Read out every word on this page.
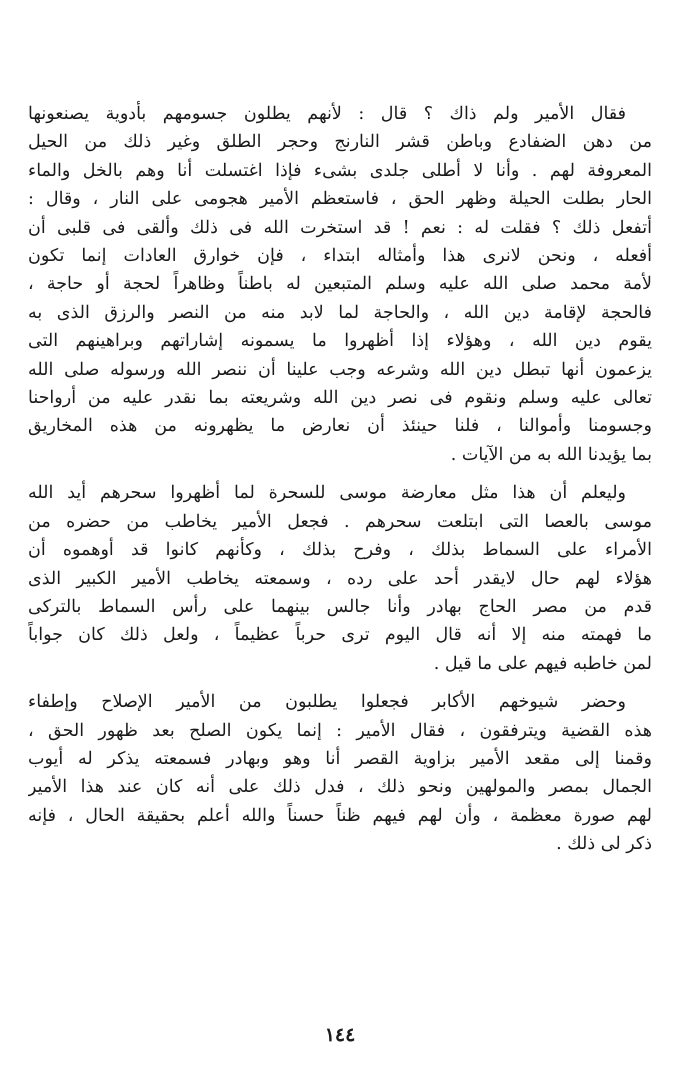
فقال الأمير ولم ذاك ؟ قال : لأنهم يطلون جسومهم بأدوية يصنعونها
من دهن الضفادع وباطن قشر النارنج وحجر الطلق وغير ذلك من الحيل
المعروفة لهم . وأنا لا أطلى جلدى بشىء فإذا اغتسلت أنا وهم بالخل والماء
الحار بطلت الحيلة وظهر الحق ، فاستعظم الأمير هجومى على النار ، وقال :
أتفعل ذلك ؟ فقلت له : نعم ! قد استخرت الله فى ذلك وألقى فى قلبى أن
أفعله ، ونحن لانرى هذا وأمثاله ابتداء ، فإن خوارق العادات إنما تكون
لأمة محمد صلى الله عليه وسلم المتبعين له باطناً وظاهراً لحجة أو حاجة ،
فالحجة لإقامة دين الله ، والحاجة لما لابد منه من النصر والرزق الذى به
يقوم دين الله ، وهؤلاء إذا أظهروا ما يسمونه إشاراتهم وبراهينهم التى
يزعمون أنها تبطل دين الله وشرعه وجب علينا أن ننصر الله ورسوله صلى الله
تعالى عليه وسلم ونقوم فى نصر دين الله وشريعته بما نقدر عليه من أرواحنا
وجسومنا وأموالنا ، فلنا حينئذ أن نعارض ما يظهرونه من هذه المخاريق
بما يؤيدنا الله به من الآيات .

وليعلم أن هذا مثل معارضة موسى للسحرة لما أظهروا سحرهم أيد الله
موسى بالعصا التى ابتلعت سحرهم . فجعل الأمير يخاطب من حضره من
الأمراء على السماط بذلك ، وفرح بذلك ، وكأنهم كانوا قد أوهموه أن
هؤلاء لهم حال لايقدر أحد على رده ، وسمعته يخاطب الأمير الكبير الذى
قدم من مصر الحاج بهادر وأنا جالس بينهما على رأس السماط بالتركى
ما فهمته منه إلا أنه قال اليوم ترى حرباً عظيماً ، ولعل ذلك كان جواباً
لمن خاطبه فيهم على ما قيل .

وحضر شيوخهم الأكابر فجعلوا يطلبون من الأمير الإصلاح وإطفاء
هذه القضية ويترفقون ، فقال الأمير : إنما يكون الصلح بعد ظهور الحق ،
وقمنا إلى مقعد الأمير بزاوية القصر أنا وهو وبهادر فسمعته يذكر له أيوب
الجمال بمصر والمولهين ونحو ذلك ، فدل ذلك على أنه كان عند هذا الأمير
لهم صورة معظمة ، وأن لهم فيهم ظناً حسناً والله أعلم بحقيقة الحال ، فإنه
ذكر لى ذلك .

١٤٤
